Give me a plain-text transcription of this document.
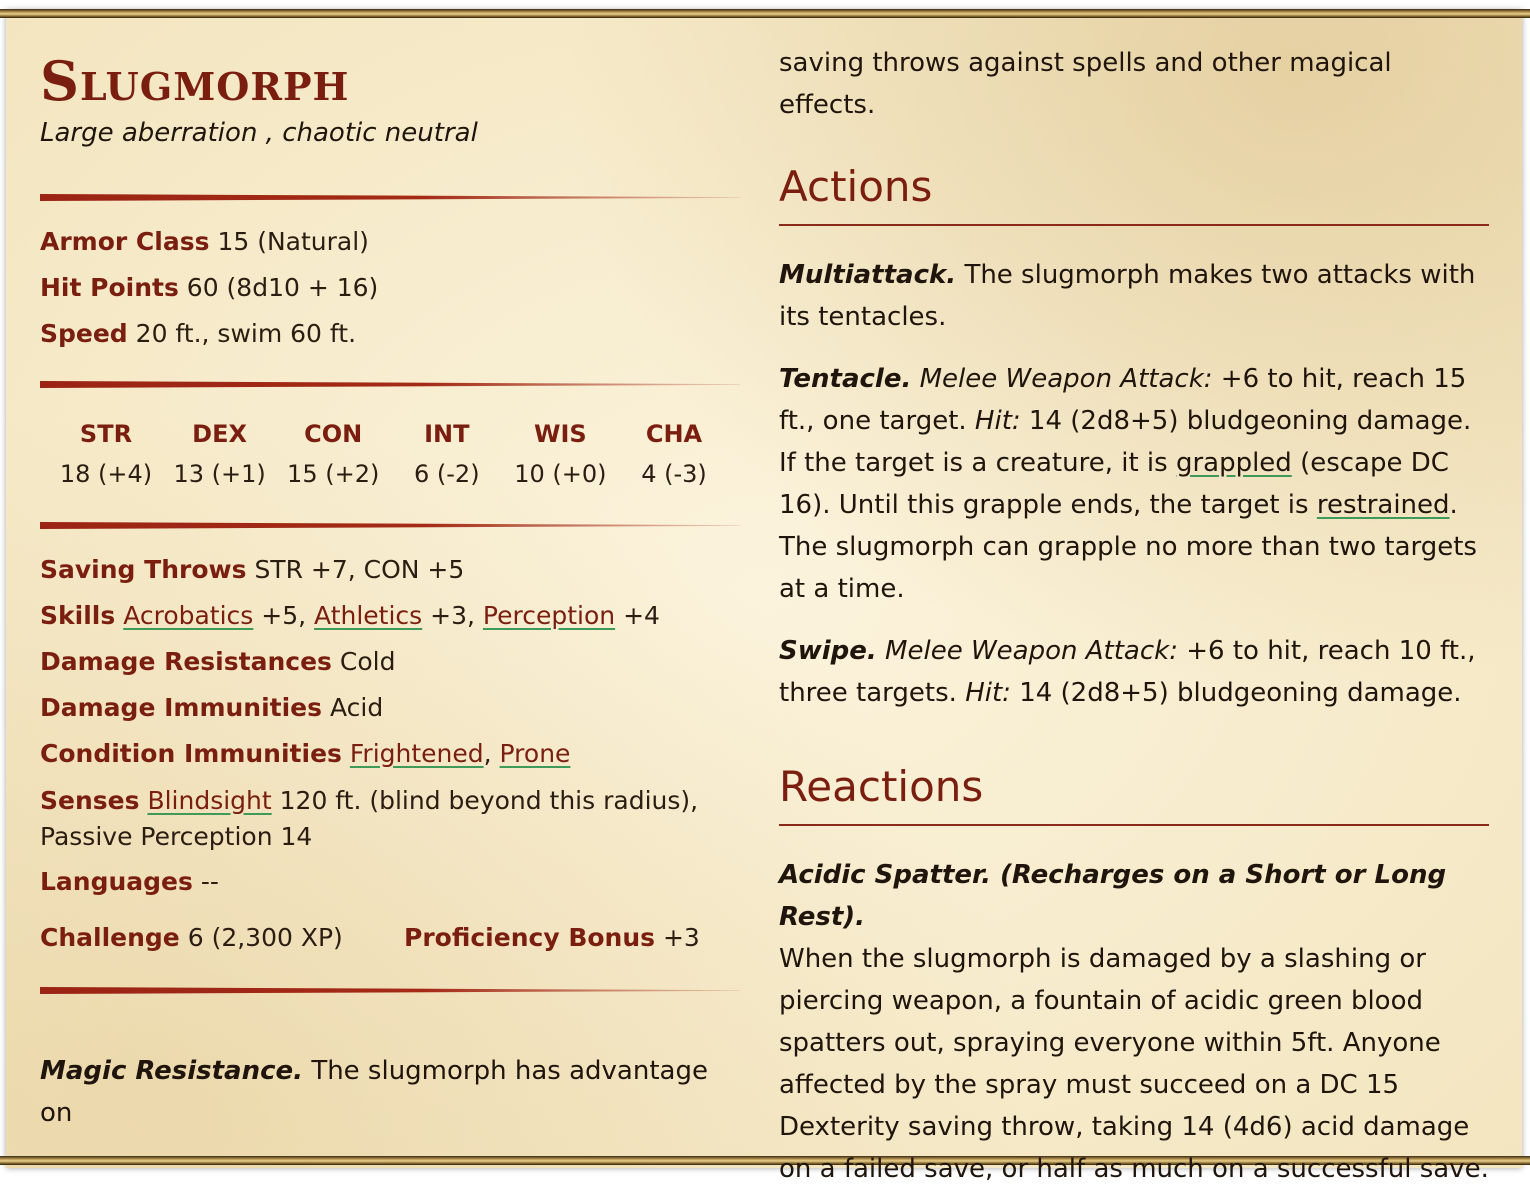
Slugmorph
Large aberration , chaotic neutral
Armor Class 15 (Natural)
Hit Points 60 (8d10 + 16)
Speed 20 ft., swim 60 ft.
STR
18 (+4)
DEX
13 (+1)
CON
15 (+2)
INT
6 (-2)
WIS
10 (+0)
CHA
4 (-3)
Saving Throws STR +7, CON +5
Skills Acrobatics +5, Athletics +3, Perception +4
Damage Resistances Cold
Damage Immunities Acid
Condition Immunities Frightened, Prone
Senses Blindsight 120 ft. (blind beyond this radius),
Passive Perception 14
Languages --
Challenge 6 (2,300 XP)	Proficiency Bonus +3
Magic Resistance. The slugmorph has advantage on
saving throws against spells and other magical effects.
Actions
Multiattack. The slugmorph makes two attacks with its tentacles.
Tentacle. Melee Weapon Attack: +6 to hit, reach 15 ft., one target. Hit: 14 (2d8+5) bludgeoning damage. If the target is a creature, it is grappled (escape DC 16). Until this grapple ends, the target is restrained. The slugmorph can grapple no more than two targets at a time.
Swipe. Melee Weapon Attack: +6 to hit, reach 10 ft., three targets. Hit: 14 (2d8+5) bludgeoning damage.
Reactions
Acidic Spatter. (Recharges on a Short or Long Rest).
When the slugmorph is damaged by a slashing or piercing weapon, a fountain of acidic green blood spatters out, spraying everyone within 5ft. Anyone affected by the spray must succeed on a DC 15 Dexterity saving throw, taking 14 (4d6) acid damage on a failed save, or half as much on a successful save.
